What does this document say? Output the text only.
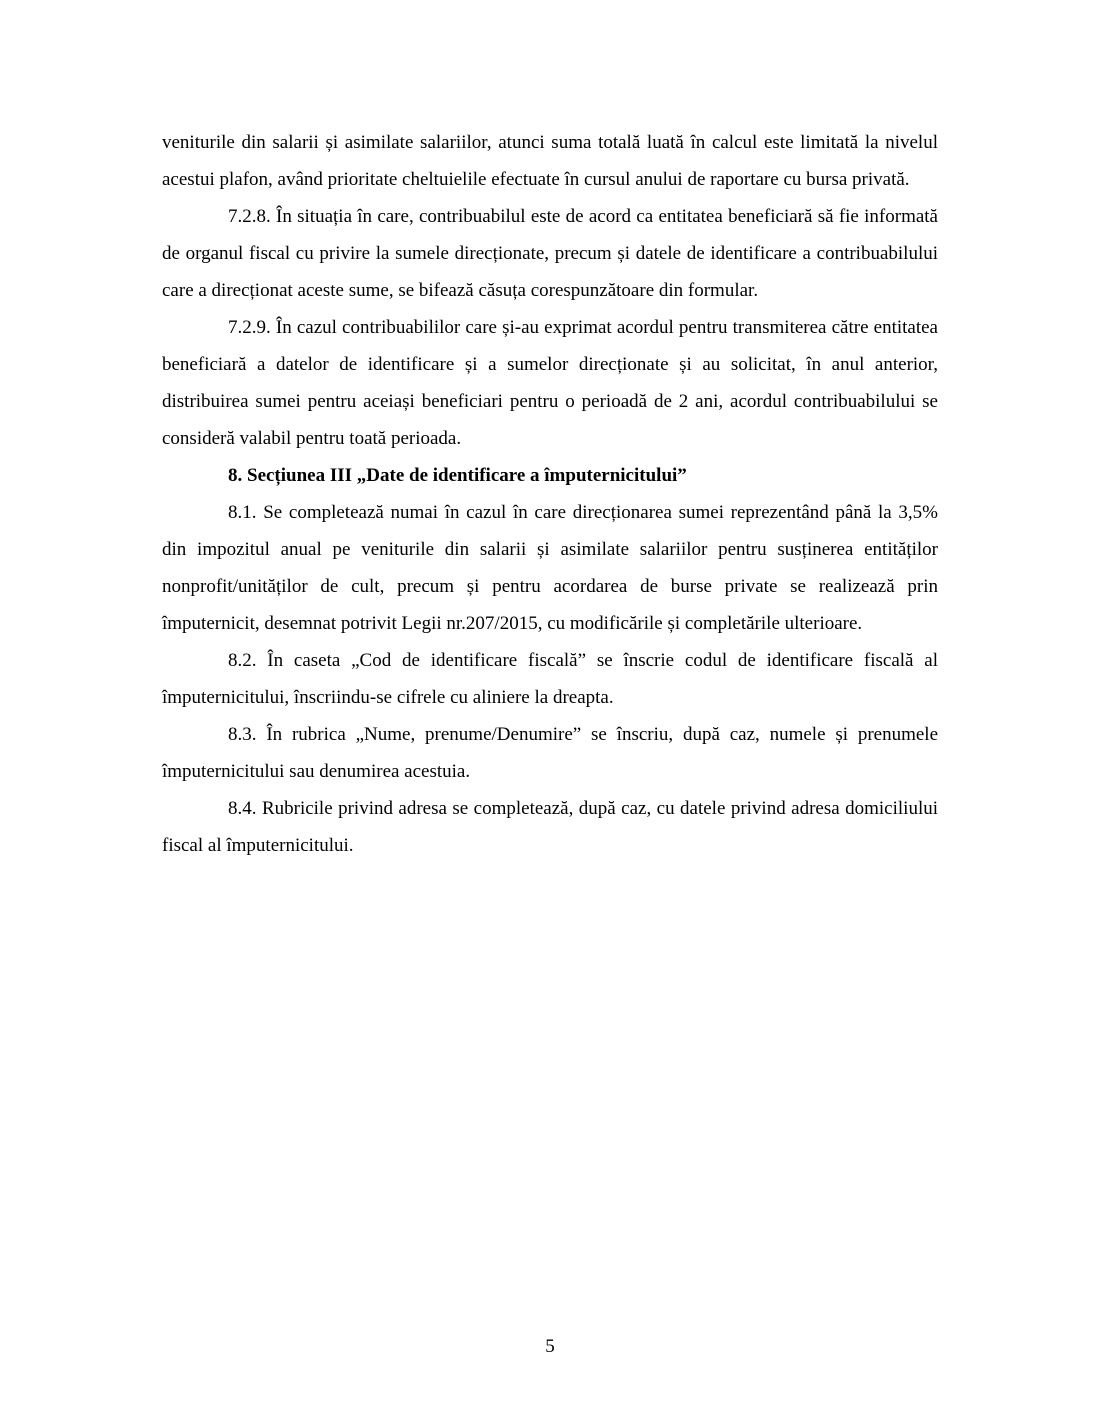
veniturile din salarii și asimilate salariilor, atunci suma totală luată în calcul este limitată la nivelul acestui plafon, având prioritate cheltuielile efectuate în cursul anului de raportare cu bursa privată.

7.2.8. În situația în care, contribuabilul este de acord ca entitatea beneficiară să fie informată de organul fiscal cu privire la sumele direcționate, precum și datele de identificare a contribuabilului care a direcționat aceste sume, se bifează căsuța corespunzătoare din formular.

7.2.9. În cazul contribuabililor care și-au exprimat acordul pentru transmiterea către entitatea beneficiară a datelor de identificare și a sumelor direcționate și au solicitat, în anul anterior, distribuirea sumei pentru aceiași beneficiari pentru o perioadă de 2 ani, acordul contribuabilului se consideră valabil pentru toată perioada.

8. Secțiunea III „Date de identificare a împuternicitului”

8.1. Se completează numai în cazul în care direcționarea sumei reprezentând până la 3,5% din impozitul anual pe veniturile din salarii și asimilate salariilor pentru susținerea entităților nonprofit/unităților de cult, precum și pentru acordarea de burse private se realizează prin împuternicit, desemnat potrivit Legii nr.207/2015, cu modificările și completările ulterioare.

8.2. În caseta „Cod de identificare fiscală” se înscrie codul de identificare fiscală al împuternicitului, înscriindu-se cifrele cu aliniere la dreapta.

8.3. În rubrica „Nume, prenume/Denumire” se înscriu, după caz, numele și prenumele împuternicitului sau denumirea acestuia.

8.4. Rubricile privind adresa se completează, după caz, cu datele privind adresa domiciliului fiscal al împuternicitului.

5
